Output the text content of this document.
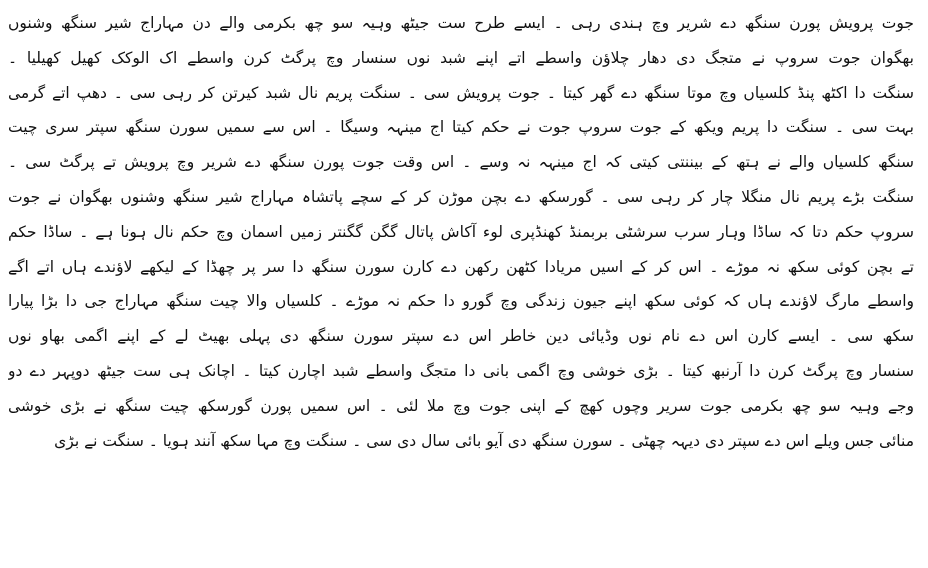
جوت پرویش پورن سنگھ دے شریر وچ ہندی رہی ۔ ایسے طرح ست جیٹھ وہیہ سو چھ بکرمی والے دن مہاراج شیر سنگھ وشنوں
بھگوان جوت سروپ نے متجگ دی دھار چلاؤن واسطے اتے اپنے شبد نوں سنسار وچ پرگٹ کرن واسطے اک الوکک کھیل کھیلیا ۔
سنگت دا اکٹھ پنڈ کلسیاں وچ موتا سنگھ دے گھر کیتا ۔ جوت پرویش سی ۔ سنگت پریم نال شبد کیرتن کر رہی سی ۔ دھپ اتے گرمی
بہت سی ۔ سنگت دا پریم ویکھ کے جوت سروپ جوت نے حکم کیتا اج مینہہ وسیگا ۔ اس سے سمیں سورن سنگھ سپتر سری چیت
سنگھ کلسیاں والے نے ہتھ کے بیننتی کیتی کہ اج مینہہ نہ وسے ۔ اس وقت جوت پورن سنگھ دے شریر وچ پرویش تے پرگٹ سی ۔
سنگت بڑے پریم نال منگلا چار کر رہی سی ۔ گورسکھ دے بچن موڑن کر کے سچے پاتشاہ مہاراج شیر سنگھ وشنوں بھگوان نے جوت
سروپ حکم دتا کہ ساڈا وہار سرب سرشٹی بربمنڈ کھنڈپری لوء آکاش پاتال گگن گگنتر زمیں اسمان وچ حکم نال ہونا ہے ۔ ساڈا حکم
تے بچن کوئی سکھ نہ موڑے ۔ اس کر کے اسیں مریادا کٹھن رکھن دے کارن سورن سنگھ دا سر پر چھڈا کے لیکھے لاؤندے ہاں اتے اگے
واسطے مارگ لاؤندے ہاں کہ کوئی سکھ اپنے جیون زندگی وچ گورو دا حکم نہ موڑے ۔ کلسیاں والا چیت سنگھ مہاراج جی دا بڑا پیارا
سکھ سی ۔ ایسے کارن اس دے نام نوں وڈیائی دین خاطر اس دے سپتر سورن سنگھ دی پہلی بھیٹ لے کے اپنے اگمی بھاو نوں
سنسار وچ پرگٹ کرن دا آرنبھ کیتا ۔ بڑی خوشی وچ اگمی بانی دا متجگ واسطے شبد اچارن کیتا ۔ اچانک ہی ست جیٹھ دوپہر دے دو
وجے وہیہ سو چھ بکرمی جوت سریر وچوں کھچ کے اپنی جوت وچ ملا لئی ۔ اس سمیں پورن گورسکھ چیت سنگھ نے بڑی خوشی
منائی جس ویلے اس دے سپتر دی دیہہ چھٹی ۔ سورن سنگھ دی آیو بائی سال دی سی ۔ سنگت وچ مہا سکھ آنند ہویا ۔ سنگت نے بڑی
